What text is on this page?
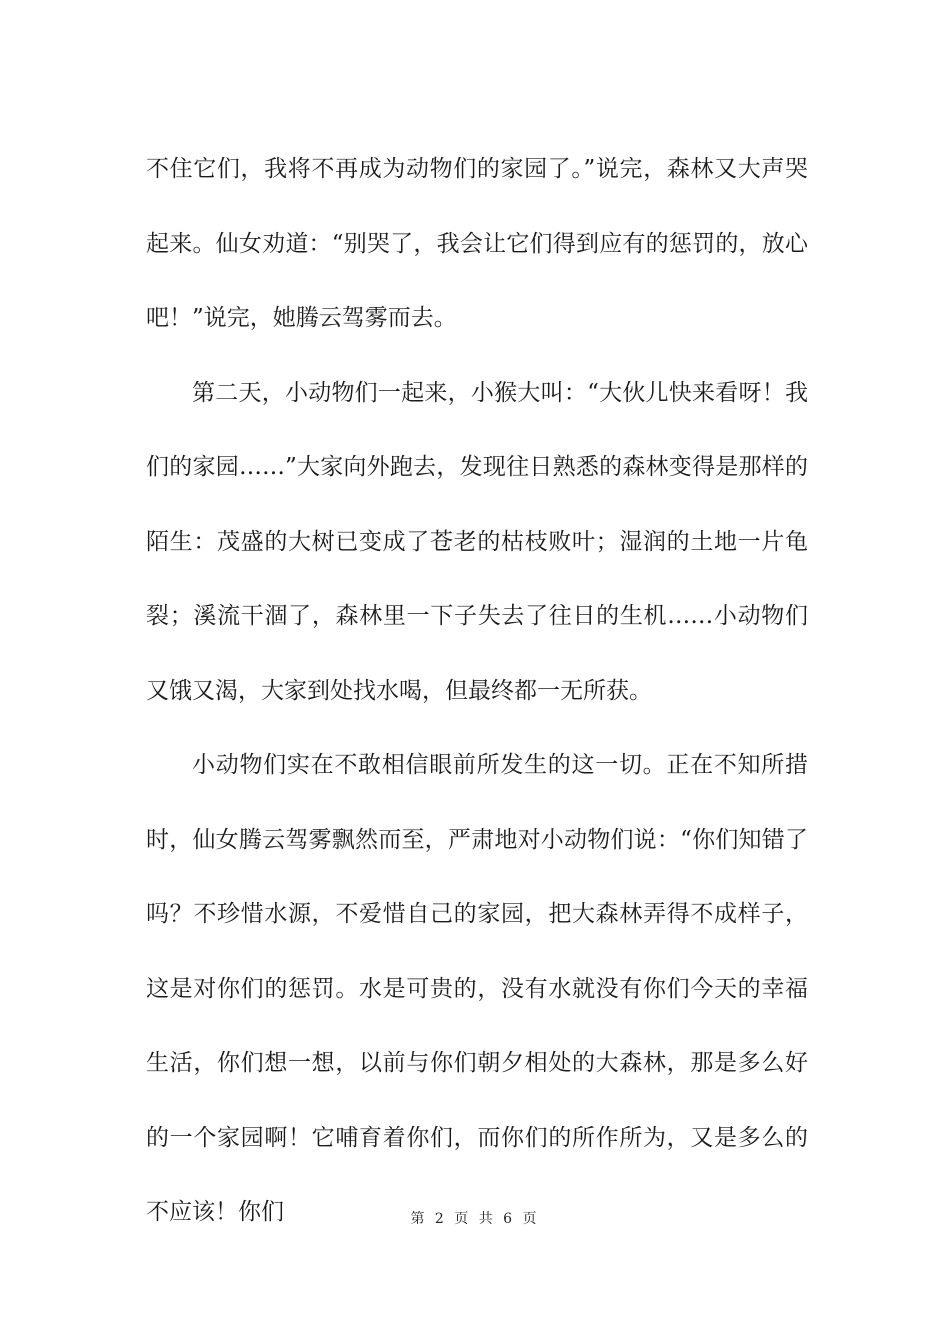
不住它们，我将不再成为动物们的家园了。”说完，森林又大声哭起来。仙女劝道：“别哭了，我会让它们得到应有的惩罚的，放心吧！”说完，她腾云驾雾而去。

第二天，小动物们一起来，小猴大叫：“大伙儿快来看呀！我们的家园……”大家向外跑去，发现往日熟悉的森林变得是那样的陌生：茂盛的大树已变成了苍老的枯枝败叶；湿润的土地一片龟裂；溪流干涸了，森林里一下子失去了往日的生机……小动物们又饿又渴，大家到处找水喝，但最终都一无所获。

小动物们实在不敢相信眼前所发生的这一切。正在不知所措时，仙女腾云驾雾飘然而至，严肃地对小动物们说：“你们知错了吗？不珍惜水源，不爱惜自己的家园，把大森林弄得不成样子，这是对你们的惩罚。水是可贵的，没有水就没有你们今天的幸福生活，你们想一想，以前与你们朝夕相处的大森林，那是多么好的一个家园啊！它哺育着你们，而你们的所作所为，又是多么的不应该！你们	第 2 页 共 6 页
